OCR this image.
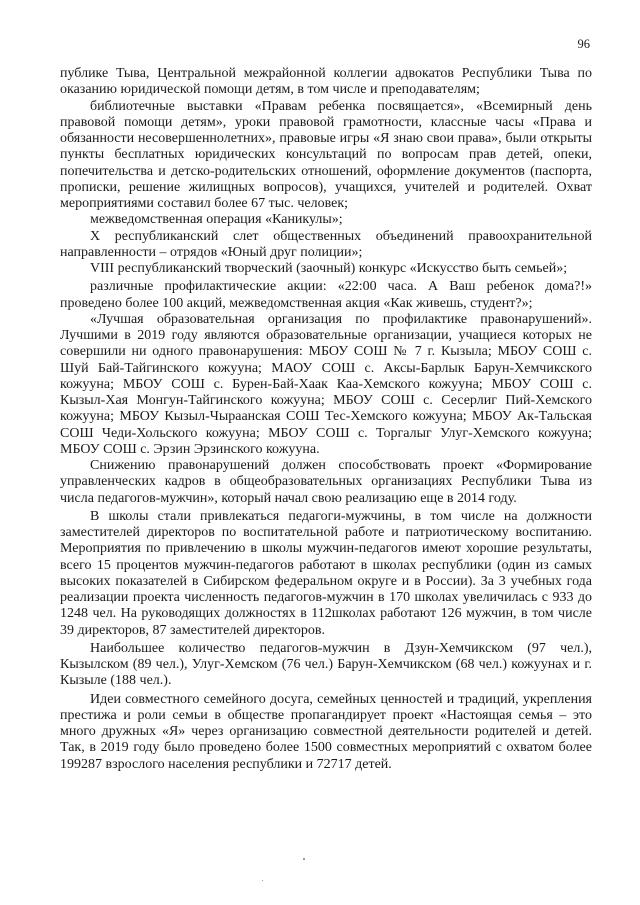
96

публике Тыва, Центральной межрайонной коллегии адвокатов Республики Тыва по оказанию юридической помощи детям, в том числе и преподавателям;

библиотечные выставки «Правам ребенка посвящается», «Всемирный день правовой помощи детям», уроки правовой грамотности, классные часы «Права и обязанности несовершеннолетних», правовые игры «Я знаю свои права», были открыты пункты бесплатных юридических консультаций по вопросам прав детей, опеки, попечительства и детско-родительских отношений, оформление документов (паспорта, прописки, решение жилищных вопросов), учащихся, учителей и родителей. Охват мероприятиями составил более 67 тыс. человек;

межведомственная операция «Каникулы»;

Х республиканский слет общественных объединений правоохранительной направленности – отрядов «Юный друг полиции»;

VIII республиканский творческий (заочный) конкурс «Искусство быть семьей»;

различные профилактические акции: «22:00 часа. А Ваш ребенок дома?!» проведено более 100 акций, межведомственная акция «Как живешь, студент?»;

«Лучшая образовательная организация по профилактике правонарушений». Лучшими в 2019 году являются образовательные организации, учащиеся которых не совершили ни одного правонарушения: МБОУ СОШ № 7 г. Кызыла; МБОУ СОШ с. Шуй Бай-Тайгинского кожууна; МАОУ СОШ с. Аксы-Барлык Барун-Хемчикского кожууна; МБОУ СОШ с. Бурен-Бай-Хаак Каа-Хемского кожууна; МБОУ СОШ с. Кызыл-Хая Монгун-Тайгинского кожууна; МБОУ СОШ с. Сесерлиг Пий-Хемского кожууна; МБОУ Кызыл-Чыраанская СОШ Тес-Хемского кожууна; МБОУ Ак-Тальская СОШ Чеди-Хольского кожууна; МБОУ СОШ с. Торгалыг Улуг-Хемского кожууна; МБОУ СОШ с. Эрзин Эрзинского кожууна.

Снижению правонарушений должен способствовать проект «Формирование управленческих кадров в общеобразовательных организациях Республики Тыва из числа педагогов-мужчин», который начал свою реализацию еще в 2014 году.

В школы стали привлекаться педагоги-мужчины, в том числе на должности заместителей директоров по воспитательной работе и патриотическому воспитанию. Мероприятия по привлечению в школы мужчин-педагогов имеют хорошие результаты, всего 15 процентов мужчин-педагогов работают в школах республики (один из самых высоких показателей в Сибирском федеральном округе и в России). За 3 учебных года реализации проекта численность педагогов-мужчин в 170 школах увеличилась с 933 до 1248 чел. На руководящих должностях в 112школах работают 126 мужчин, в том числе 39 директоров, 87 заместителей директоров.

Наибольшее количество педагогов-мужчин в Дзун-Хемчикском (97 чел.), Кызылском (89 чел.), Улуг-Хемском (76 чел.) Барун-Хемчикском (68 чел.) кожуунах и г. Кызыле (188 чел.).

Идеи совместного семейного досуга, семейных ценностей и традиций, укрепления престижа и роли семьи в обществе пропагандирует проект «Настоящая семья – это много дружных «Я» через организацию совместной деятельности родителей и детей. Так, в 2019 году было проведено более 1500 совместных мероприятий с охватом более 199287 взрослого населения республики и 72717 детей.
